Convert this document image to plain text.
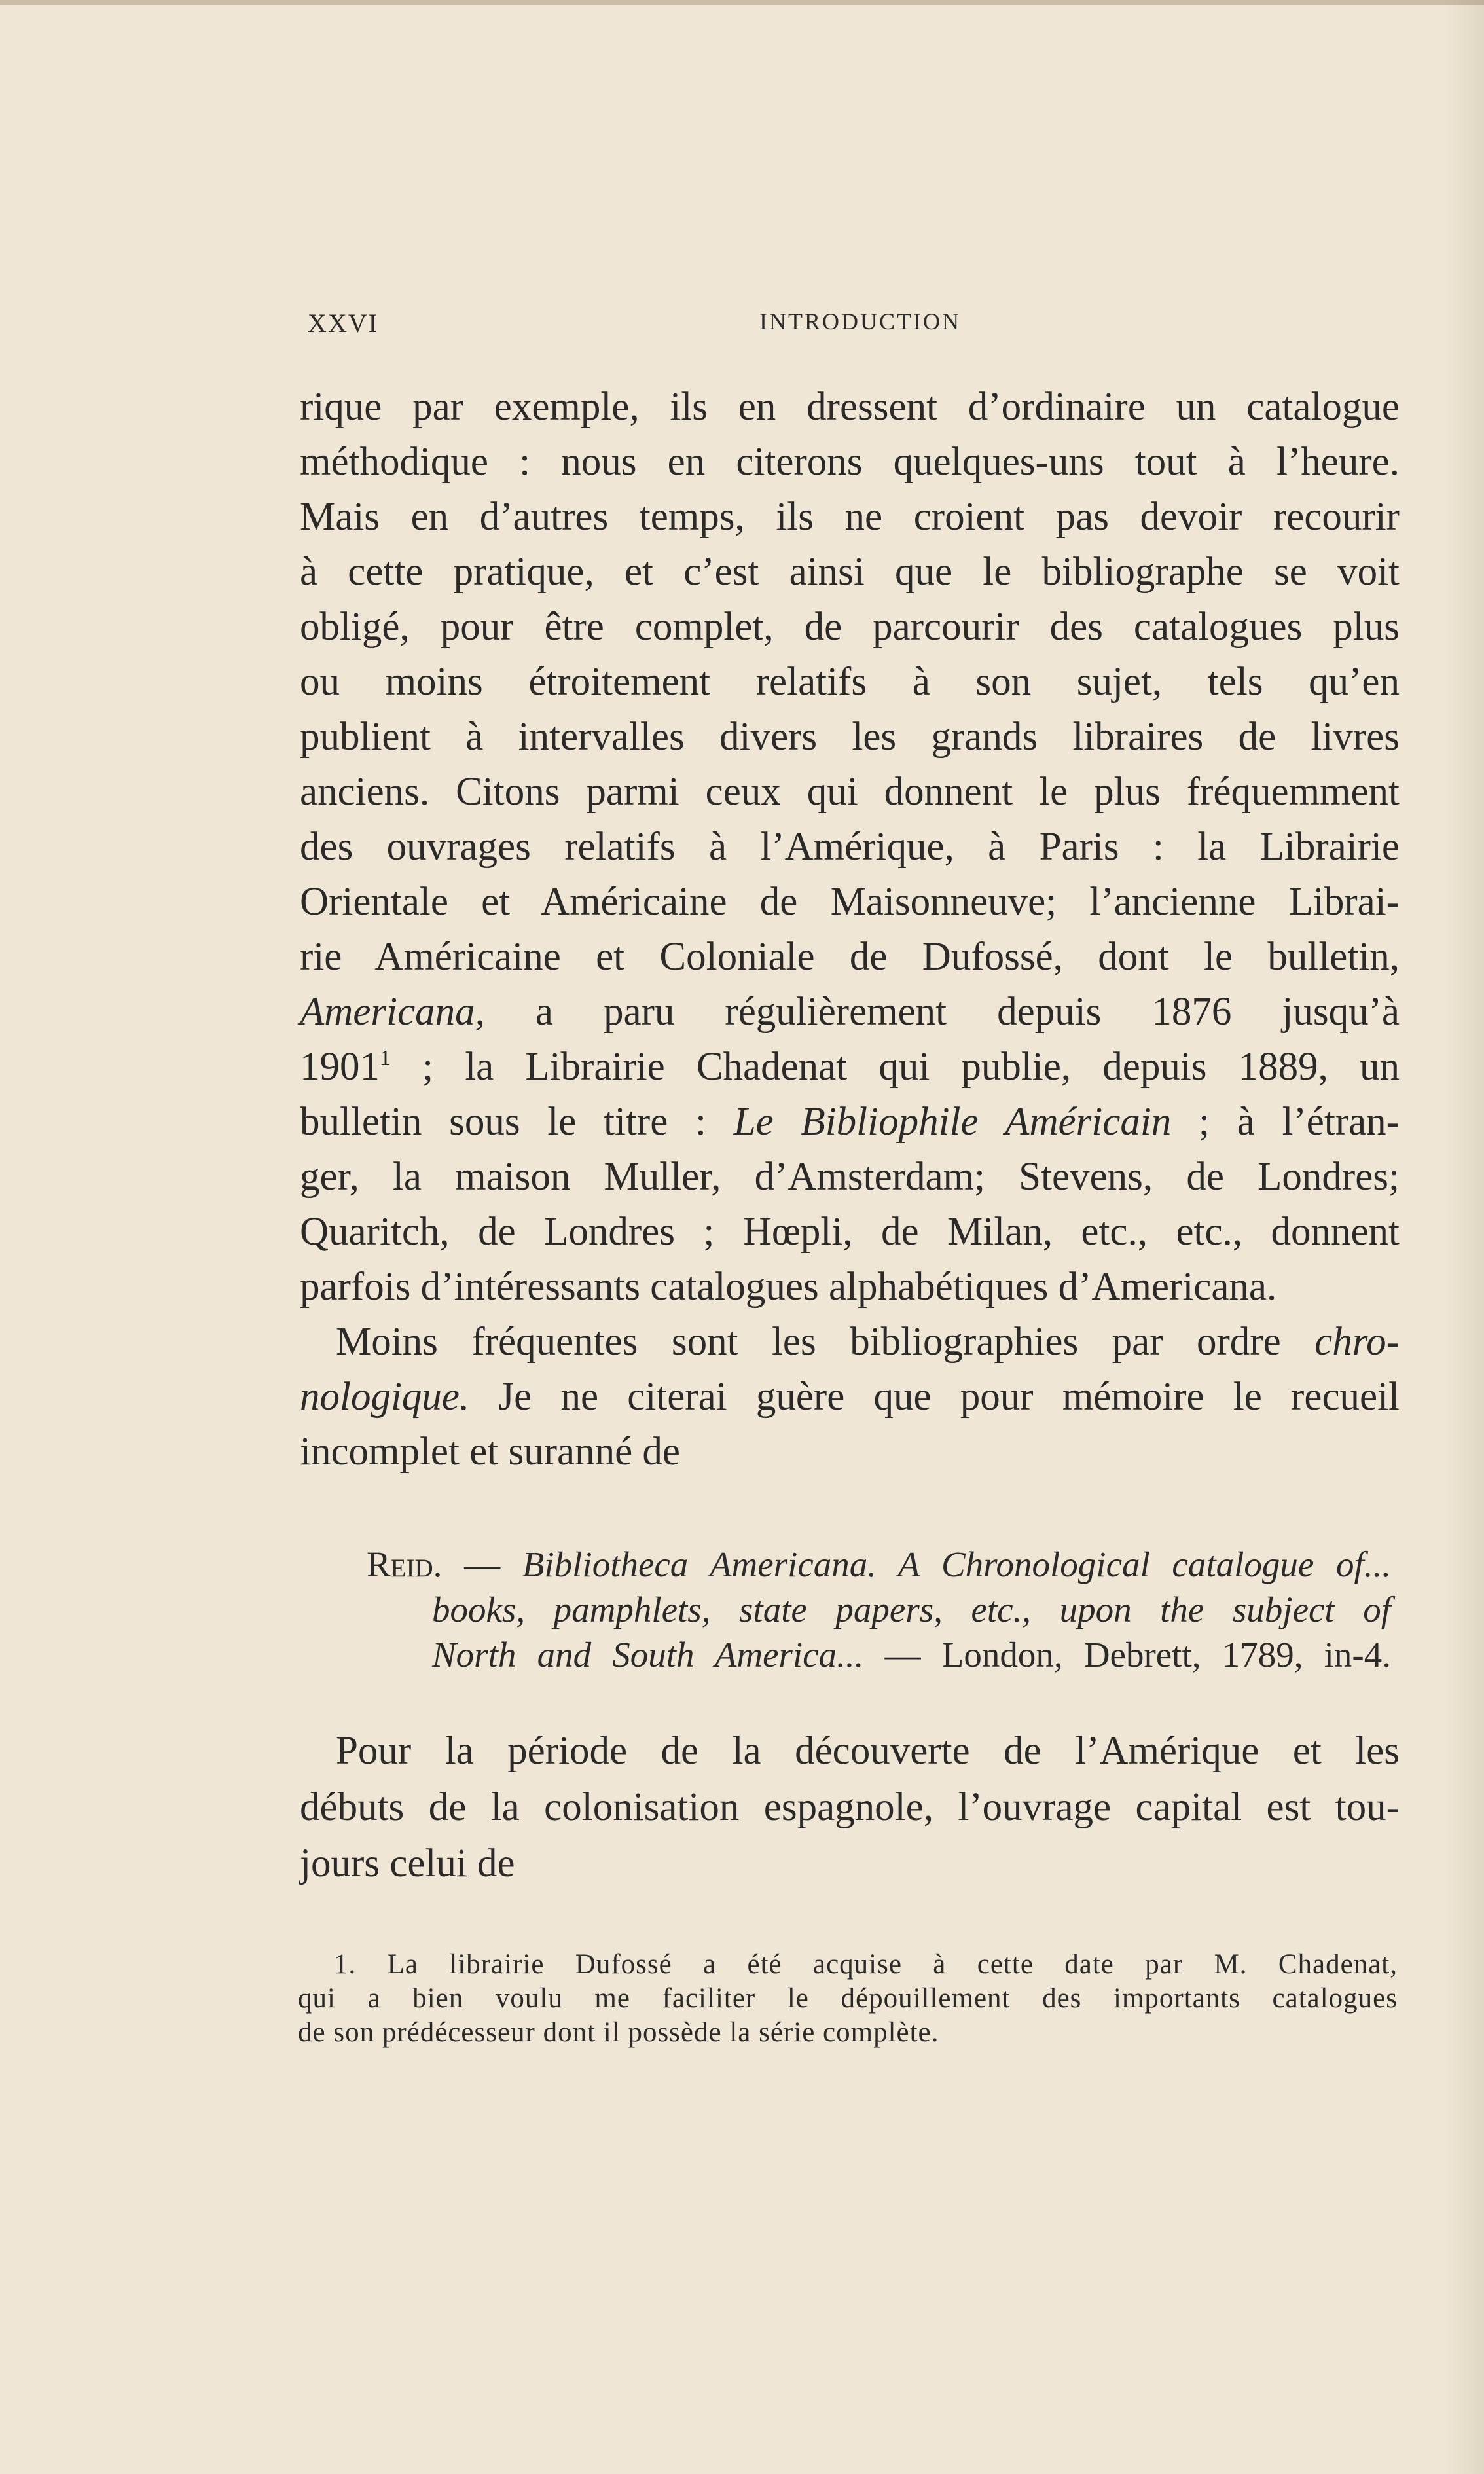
XXVI	INTRODUCTION
rique par exemple, ils en dressent d’ordinaire un catalogue
méthodique : nous en citerons quelques-uns tout à l’heure.
Mais en d’autres temps, ils ne croient pas devoir recourir
à cette pratique, et c’est ainsi que le bibliographe se voit
obligé, pour être complet, de parcourir des catalogues plus
ou moins étroitement relatifs à son sujet, tels qu’en
publient à intervalles divers les grands libraires de livres
anciens. Citons parmi ceux qui donnent le plus fréquemment
des ouvrages relatifs à l’Amérique, à Paris : la Librairie
Orientale et Américaine de Maisonneuve; l’ancienne Librai-
rie Américaine et Coloniale de Dufossé, dont le bulletin,
Americana, a paru régulièrement depuis 1876 jusqu’à
1901$^1$ ; la Librairie Chadenat qui publie, depuis 1889, un
bulletin sous le titre : Le Bibliophile Américain ; à l’étran-
ger, la maison Muller, d’Amsterdam; Stevens, de Londres;
Quaritch, de Londres ; Hœpli, de Milan, etc., etc., donnent
parfois d’intéressants catalogues alphabétiques d’Americana.
Moins fréquentes sont les bibliographies par ordre chro-
nologique. Je ne citerai guère que pour mémoire le recueil
incomplet et suranné de
Reid. — Bibliotheca Americana. A Chronological catalogue of...
books, pamphlets, state papers, etc., upon the subject of
North and South America... — London, Debrett, 1789, in-4.
Pour la période de la découverte de l’Amérique et les
débuts de la colonisation espagnole, l’ouvrage capital est tou-
jours celui de
1. La librairie Dufossé a été acquise à cette date par M. Chadenat,
qui a bien voulu me faciliter le dépouillement des importants catalogues
de son prédécesseur dont il possède la série complète.
